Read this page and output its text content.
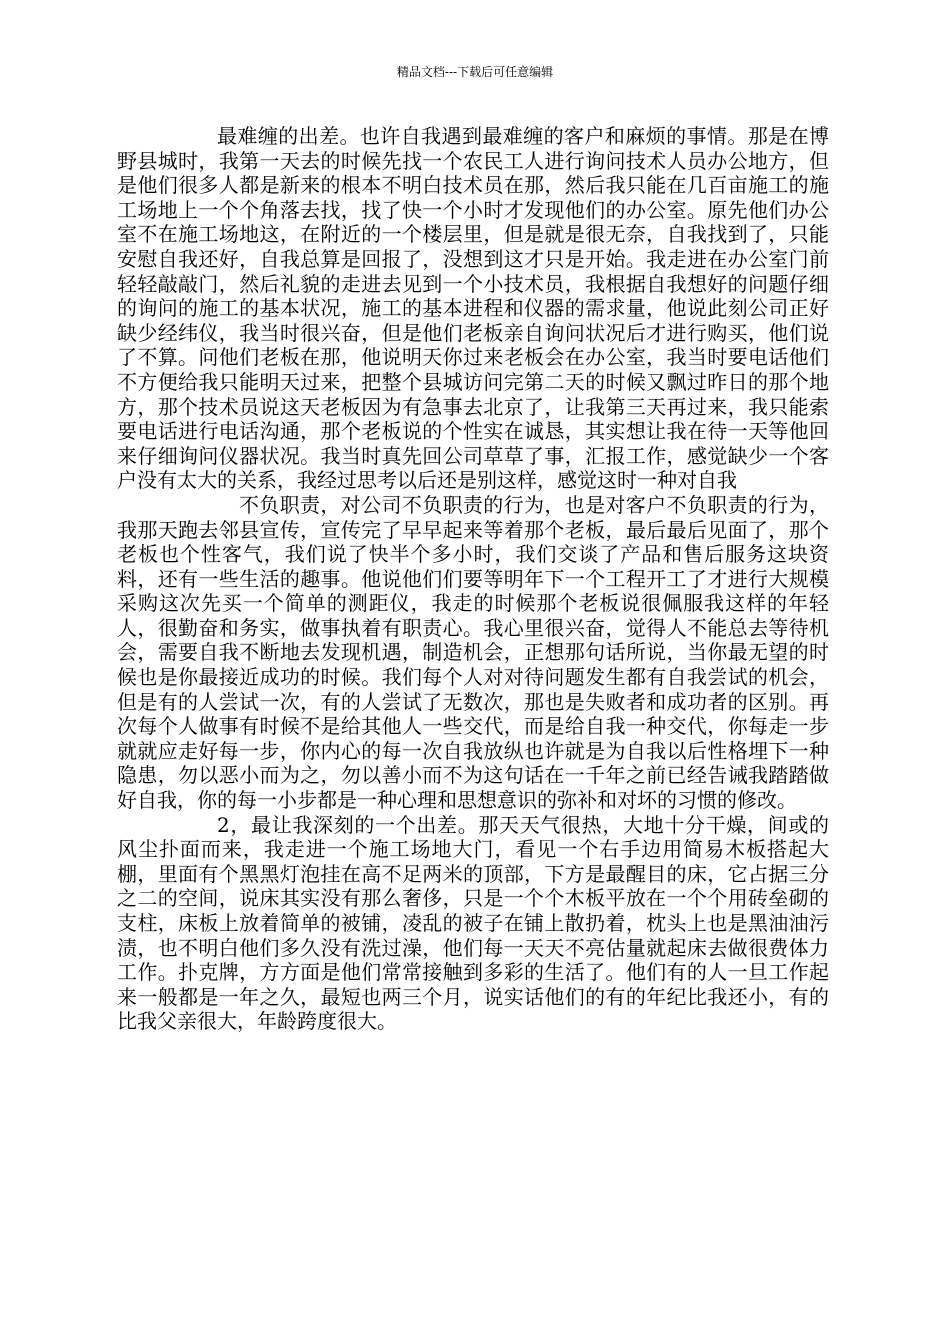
精品文档---下载后可任意编辑

最难缠的出差。也许自我遇到最难缠的客户和麻烦的事情。那是在博野县城时，我第一天去的时候先找一个农民工人进行询问技术人员办公地方，但是他们很多人都是新来的根本不明白技术员在那，然后我只能在几百亩施工的施工场地上一个个角落去找，找了快一个小时才发现他们的办公室。原先他们办公室不在施工场地这，在附近的一个楼层里，但是就是很无奈，自我找到了，只能安慰自我还好，自我总算是回报了，没想到这才只是开始。我走进在办公室门前轻轻敲敲门，然后礼貌的走进去见到一个小技术员，我根据自我想好的问题仔细的询问的施工的基本状况，施工的基本进程和仪器的需求量，他说此刻公司正好缺少经纬仪，我当时很兴奋，但是他们老板亲自询问状况后才进行购买，他们说了不算。问他们老板在那，他说明天你过来老板会在办公室，我当时要电话他们不方便给我只能明天过来，把整个县城访问完第二天的时候又飘过昨日的那个地方，那个技术员说这天老板因为有急事去北京了，让我第三天再过来，我只能索要电话进行电话沟通，那个老板说的个性实在诚恳，其实想让我在待一天等他回来仔细询问仪器状况。我当时真先回公司草草了事，汇报工作，感觉缺少一个客户没有太大的关系，我经过思考以后还是别这样，感觉这时一种对自我

不负职责，对公司不负职责的行为，也是对客户不负职责的行为，我那天跑去邻县宣传，宣传完了早早起来等着那个老板，最后最后见面了，那个老板也个性客气，我们说了快半个多小时，我们交谈了产品和售后服务这块资料，还有一些生活的趣事。他说他们们要等明年下一个工程开工了才进行大规模采购这次先买一个简单的测距仪，我走的时候那个老板说很佩服我这样的年轻人，很勤奋和务实，做事执着有职责心。我心里很兴奋，觉得人不能总去等待机会，需要自我不断地去发现机遇，制造机会，正想那句话所说，当你最无望的时候也是你最接近成功的时候。我们每个人对对待问题发生都有自我尝试的机会，但是有的人尝试一次，有的人尝试了无数次，那也是失败者和成功者的区别。再次每个人做事有时候不是给其他人一些交代，而是给自我一种交代，你每走一步就就应走好每一步，你内心的每一次自我放纵也许就是为自我以后性格埋下一种隐患，勿以恶小而为之，勿以善小而不为这句话在一千年之前已经告诫我踏踏做好自我，你的每一小步都是一种心理和思想意识的弥补和对坏的习惯的修改。

2，最让我深刻的一个出差。那天天气很热，大地十分干燥，间或的风尘扑面而来，我走进一个施工场地大门，看见一个右手边用简易木板搭起大棚，里面有个黑黑灯泡挂在高不足两米的顶部，下方是最醒目的床，它占据三分之二的空间，说床其实没有那么奢侈，只是一个个木板平放在一个个用砖垒砌的支柱，床板上放着简单的被铺，凌乱的被子在铺上散扔着，枕头上也是黑油油污渍，也不明白他们多久没有洗过澡，他们每一天天不亮估量就起床去做很费体力工作。扑克牌，方方面是他们常常接触到多彩的生活了。他们有的人一旦工作起来一般都是一年之久，最短也两三个月，说实话他们的有的年纪比我还小，有的比我父亲很大，年龄跨度很大。
